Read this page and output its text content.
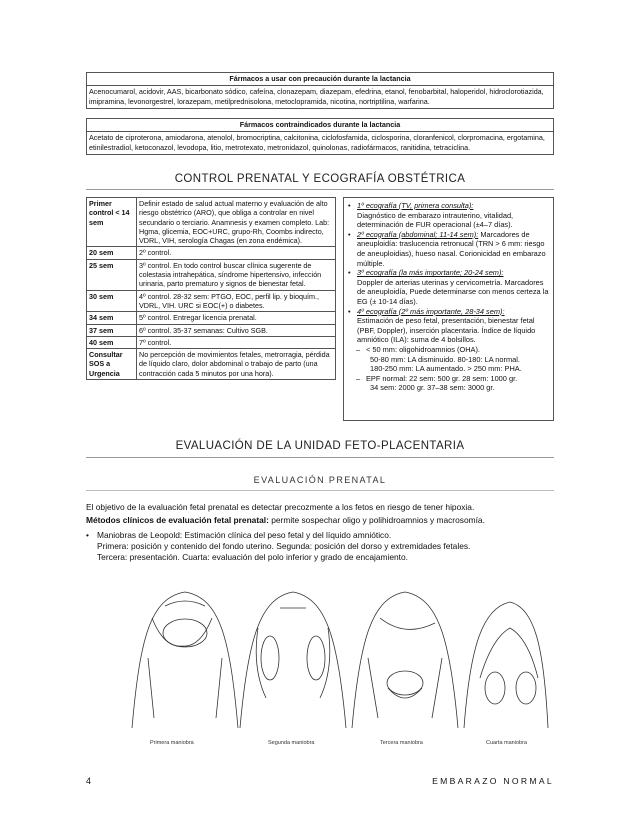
Fármacos a usar con precaución durante la lactancia
Acenocumarol, acidovir, AAS, bicarbonato sódico, cafeína, clonazepam, diazepam, efedrina, etanol, fenobarbital, haloperidol, hidroclorotiazida, imipramina, levonorgestrel, lorazepam, metilprednisolona, metoclopramida, nicotina, nortriptilina, warfarina.
Fármacos contraindicados durante la lactancia
Acetato de ciproterona, amiodarona, atenolol, bromocriptina, calcitonina, ciclofosfamida, ciclosporina, cloranfenicol, clorpromacina, ergotamina, etinilestradiol, ketoconazol, levodopa, litio, metrotexato, metronidazol, quinolonas, radiofármacos, ranitidina, tetraciclina.
CONTROL PRENATAL Y ECOGRAFÍA OBSTÉTRICA
Primer control < 14 sem	Definir estado de salud actual materno y evaluación de alto riesgo obstétrico (ARO), que obliga a controlar en nivel secundario o terciario. Anamnesis y examen completo. Lab: Hgma, glicemia, EOC+URC, grupo-Rh, Coombs indirecto, VDRL, VIH, serología Chagas (en zona endémica).
20 sem	2º control.
25 sem	3º control. En todo control buscar clínica sugerente de colestasia intrahepática, síndrome hipertensivo, infección urinaria, parto prematuro y signos de bienestar fetal.
30 sem	4º control. 28-32 sem: PTGO, EOC, perfil lip. y bioquím., VDRL, VIH. URC si EOC(+) o diabetes.
34 sem	5º control. Entregar licencia prenatal.
37 sem	6º control. 35-37 semanas: Cultivo SGB.
40 sem	7º control.
Consultar SOS a Urgencia	No percepción de movimientos fetales, metrorragia, pérdida de líquido claro, dolor abdominal o trabajo de parto (una contracción cada 5 minutos por una hora).
• 1º ecografía (TV, primera consulta):
Diagnóstico de embarazo intrauterino, vitalidad, determinación de FUR operacional (±4–7 días).
• 2º ecografía (abdominal; 11-14 sem): Marcadores de aneuploidía: traslucencia retronucal (TRN > 6 mm: riesgo de aneuploidias), hueso nasal. Corionicidad en embarazo múltiple.
• 3º ecografía (la más importante; 20-24 sem):
Doppler de arterias uterinas y cervicometría. Marcadores de aneuploidía, Puede determinarse con menos certeza la EG (± 10-14 días).
• 4º ecografía (2º más importante, 28-34 sem):
Estimación de peso fetal, presentación, bienestar fetal (PBF, Doppler), inserción placentaria. Índice de líquido amniótico (ILA): suma de 4 bolsillos.
– < 50 mm: oligohidroamnios (OHA).
50-80 mm: LA disminuido. 80-180: LA normal.
180-250 mm: LA aumentado. > 250 mm: PHA.
– EPF normal: 22 sem: 500 gr. 28 sem: 1000 gr.
34 sem: 2000 gr. 37–38 sem: 3000 gr.
EVALUACIÓN DE LA UNIDAD FETO-PLACENTARIA
EVALUACIÓN PRENATAL
El objetivo de la evaluación fetal prenatal es detectar precozmente a los fetos en riesgo de tener hipoxia.
Métodos clínicos de evaluación fetal prenatal: permite sospechar oligo y polihidroamnios y macrosomía.
• Maniobras de Leopold: Estimación clínica del peso fetal y del líquido amniótico.
Primera: posición y contenido del fondo uterino. Segunda: posición del dorso y extremidades fetales.
Tercera: presentación. Cuarta: evaluación del polo inferior y grado de encajamiento.
Primera maniobra	Segunda maniobra	Tercera maniobra	Cuarta maniobra
4	EMBARAZO NORMAL
